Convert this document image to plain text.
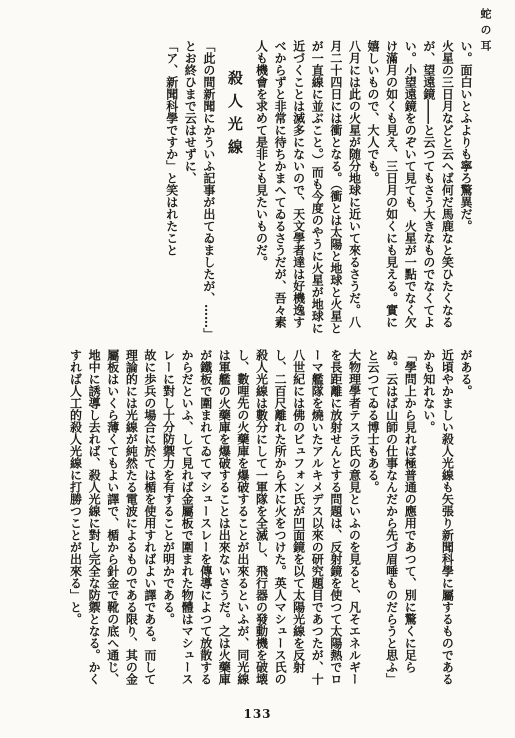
蛇の耳

い。面白いとふよりも寧ろ驚異だ。

火星の三日月などと云へば何だ馬鹿なと笑ひたくなるが、望遠鏡――と云つてもさう大きなものでなくてよい。小望遠鏡をのぞいて見ても、火星が一點でなく欠け滿月の如くも見え、三日月の如くにも見える。實に嬉しいもので、大人でも。

八月には此の火星が随分地球に近いて來るさうだ。八月二十四日には衝となる。（衝とは太陽と地球と火星とが一直線に並ぶこと。）而も今度のやうに火星が地球に近づくことは滅多にないので、天文學者達は好機逸すべからずと非常に待ちかまへてゐるさうだが、吾々素人も機會を求めて是非とも見たいものだ。

殺人光線

「此の間新聞にかういふ記事が出てゐましたが、……」とお終ひまで云はせずに、

「ア、新聞科學ですか」と笑はれたこと

がある。

近頃やかましい殺人光線も矢張り新聞科學に屬するものであるかも知れない。

「學問上から見れば極普通の應用であつて、別に驚くに足らぬ。云はば山師の仕事なんだから先づ眉唾ものだらうと思ふ」と云つてゐる博士もある。

大物理學者テスラ氏の意見といふのを見ると、凡そエネルギーを長距離に放射せんとする問題は、反射鏡を使つて太陽熱でローマ艦隊を燒いたアルキメデス以來の研究題目であつたが、十八世紀には佛のビュフォン氏が凹面鏡を以て太陽光線を反射し、二百尺離れた所から木に火をつけた。英人マシュース氏の殺人光線は數分にして一軍隊を全滅し、飛行器の發動機を破壊し、數哩先の火藥庫を爆破することが出來るといふが、同光線は軍艦の火藥庫を爆破することは出來ないさうだ。之は火藥庫が鐵板で圍まれてゐてマシュースレーを傳導によつて放散するからだといふ、して見れば金屬板で圍まれた物體はマシュースレーに對し十分防禦力を有することが明かである。

故に歩兵の場合に於ては楯を使用すればよい譯である。而して理論的には光線が純然たる電波によるものである限り、其の金屬板はいくら薄くてもよい譯で、楯から針金で靴の底へ通じ、地中に誘導し去れば、殺人光線に對し完全な防禦となる。かくすれば人工的殺人光線に打勝つことが出來る」と。

133
